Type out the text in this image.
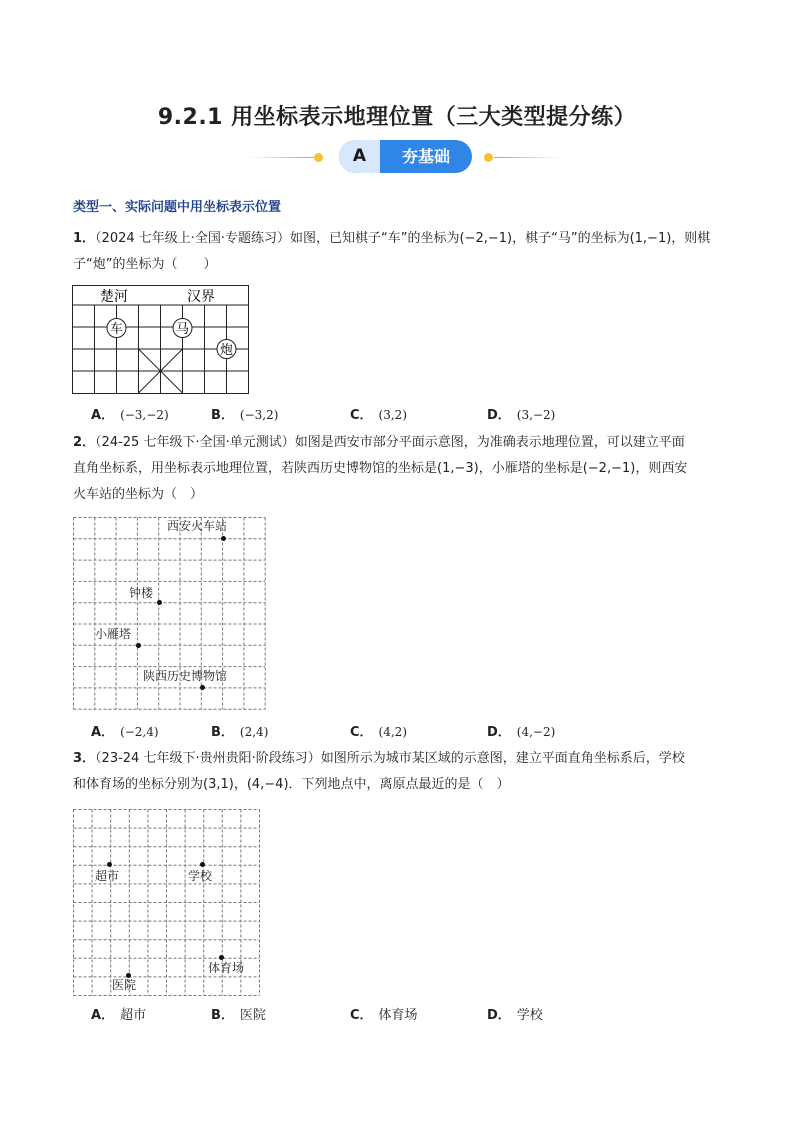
9.2.1 用坐标表示地理位置（三大类型提分练）
A	夯基础
类型一、实际问题中用坐标表示位置
1．（2024 七年级上·全国·专题练习）如图，已知棋子“车”的坐标为(−2,−1)，棋子“马”的坐标为(1,−1)，则棋
子“炮”的坐标为（　　）
楚河	汉界
车	马
炮
A． (−3,−2)	B． (−3,2)	C． (3,2)	D． (3,−2)
2．（24-25 七年级下·全国·单元测试）如图是西安市部分平面示意图，为准确表示地理位置，可以建立平面
直角坐标系，用坐标表示地理位置，若陕西历史博物馆的坐标是(1,−3)，小雁塔的坐标是(−2,−1)，则西安
火车站的坐标为（　）
西安火车站
钟楼
小雁塔
陕西历史博物馆
A． (−2,4)	B． (2,4)	C． (4,2)	D． (4,−2)
3．（23-24 七年级下·贵州贵阳·阶段练习）如图所示为城市某区域的示意图，建立平面直角坐标系后，学校
和体育场的坐标分别为(3,1)，(4,−4)．下列地点中，离原点最近的是（　）
超市	学校
体育场
医院
A． 超市	B． 医院	C． 体育场	D． 学校
